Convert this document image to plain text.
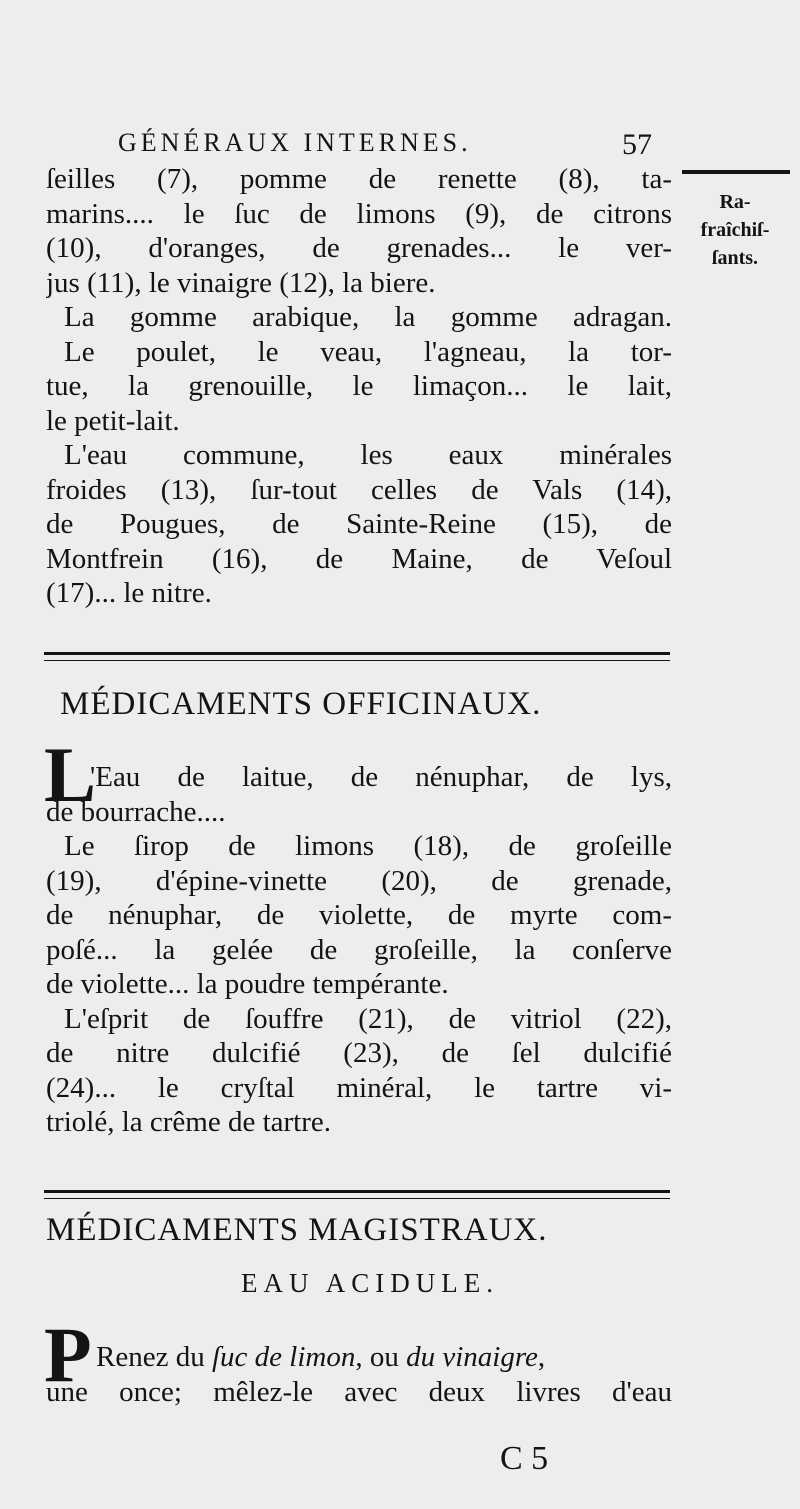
GÉNÉRAUX INTERNES.	57
Ra-
fraîchiſ-
ſants.
ſeilles (7), pomme de renette (8), ta-
marins.... le ſuc de limons (9), de citrons
(10), d'oranges, de grenades... le ver-
jus (11), le vinaigre (12), la biere.
La gomme arabique, la gomme adragan.
Le poulet, le veau, l'agneau, la tor-
tue, la grenouille, le limaçon... le lait,
le petit-lait.
L'eau commune, les eaux minérales
froides (13), ſur-tout celles de Vals (14),
de Pougues, de Sainte-Reine (15), de
Montfrein (16), de Maine, de Veſoul
(17)... le nitre.
MÉDICAMENTS OFFICINAUX.
L
'Eau de laitue, de nénuphar, de lys,
de bourrache....
Le ſirop de limons (18), de groſeille
(19), d'épine-vinette (20), de grenade,
de nénuphar, de violette, de myrte com-
poſé... la gelée de groſeille, la conſerve
de violette... la poudre tempérante.
L'eſprit de ſouffre (21), de vitriol (22),
de nitre dulcifié (23), de ſel dulcifié
(24)... le cryſtal minéral, le tartre vi-
triolé, la crême de tartre.
MÉDICAMENTS MAGISTRAUX.
EAU ACIDULE.
P Renez du ſuc de limon, ou du vinaigre,
une once; mêlez-le avec deux livres d'eau
C 5
